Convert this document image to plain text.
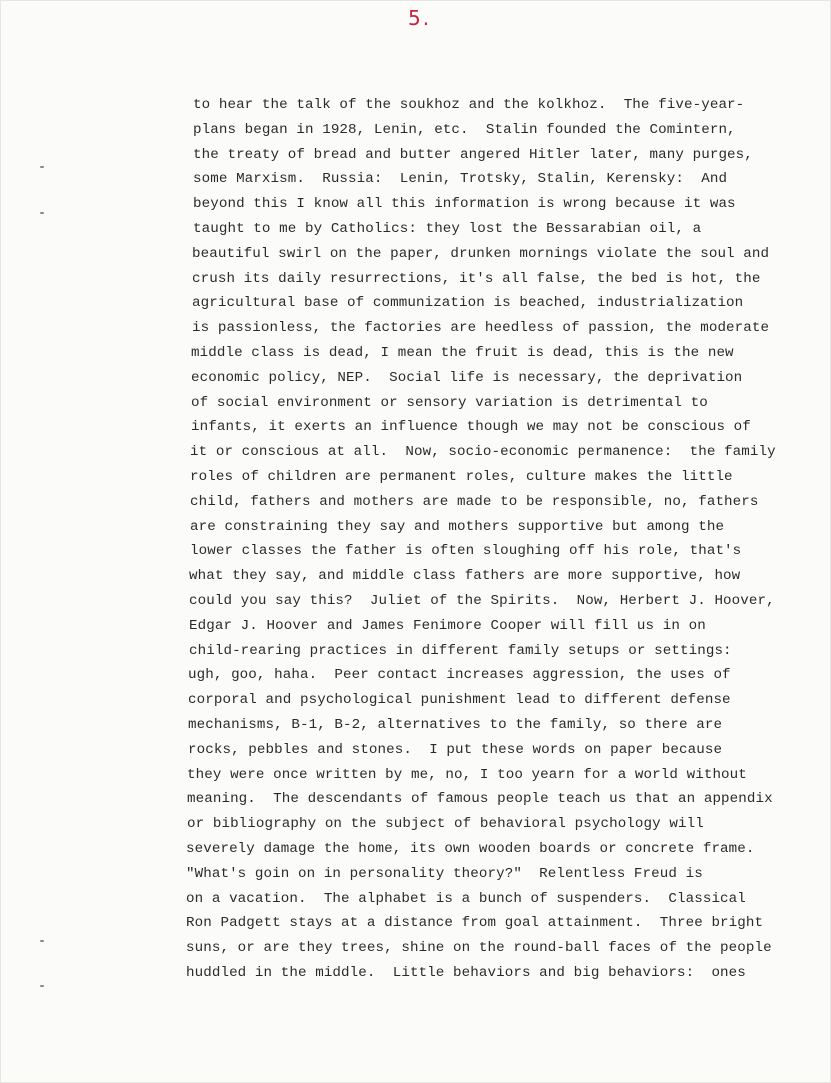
5.
to hear the talk of the soukhoz and the kolkhoz.  The five-year-
plans began in 1928, Lenin, etc.  Stalin founded the Comintern,
the treaty of bread and butter angered Hitler later, many purges,
some Marxism.  Russia:  Lenin, Trotsky, Stalin, Kerensky:  And
beyond this I know all this information is wrong because it was
taught to me by Catholics: they lost the Bessarabian oil, a
beautiful swirl on the paper, drunken mornings violate the soul and
crush its daily resurrections, it's all false, the bed is hot, the
agricultural base of communization is beached, industrialization
is passionless, the factories are heedless of passion, the moderate
middle class is dead, I mean the fruit is dead, this is the new
economic policy, NEP.  Social life is necessary, the deprivation
of social environment or sensory variation is detrimental to
infants, it exerts an influence though we may not be conscious of
it or conscious at all.  Now, socio-economic permanence:  the family
roles of children are permanent roles, culture makes the little
child, fathers and mothers are made to be responsible, no, fathers
are constraining they say and mothers supportive but among the
lower classes the father is often sloughing off his role, that's
what they say, and middle class fathers are more supportive, how
could you say this?  Juliet of the Spirits.  Now, Herbert J. Hoover,
Edgar J. Hoover and James Fenimore Cooper will fill us in on
child-rearing practices in different family setups or settings:
ugh, goo, haha.  Peer contact increases aggression, the uses of
corporal and psychological punishment lead to different defense
mechanisms, B-1, B-2, alternatives to the family, so there are
rocks, pebbles and stones.  I put these words on paper because
they were once written by me, no, I too yearn for a world without
meaning.  The descendants of famous people teach us that an appendix
or bibliography on the subject of behavioral psychology will
severely damage the home, its own wooden boards or concrete frame.
"What's goin on in personality theory?"  Relentless Freud is
on a vacation.  The alphabet is a bunch of suspenders.  Classical
Ron Padgett stays at a distance from goal attainment.  Three bright
suns, or are they trees, shine on the round-ball faces of the people
huddled in the middle.  Little behaviors and big behaviors:  ones
